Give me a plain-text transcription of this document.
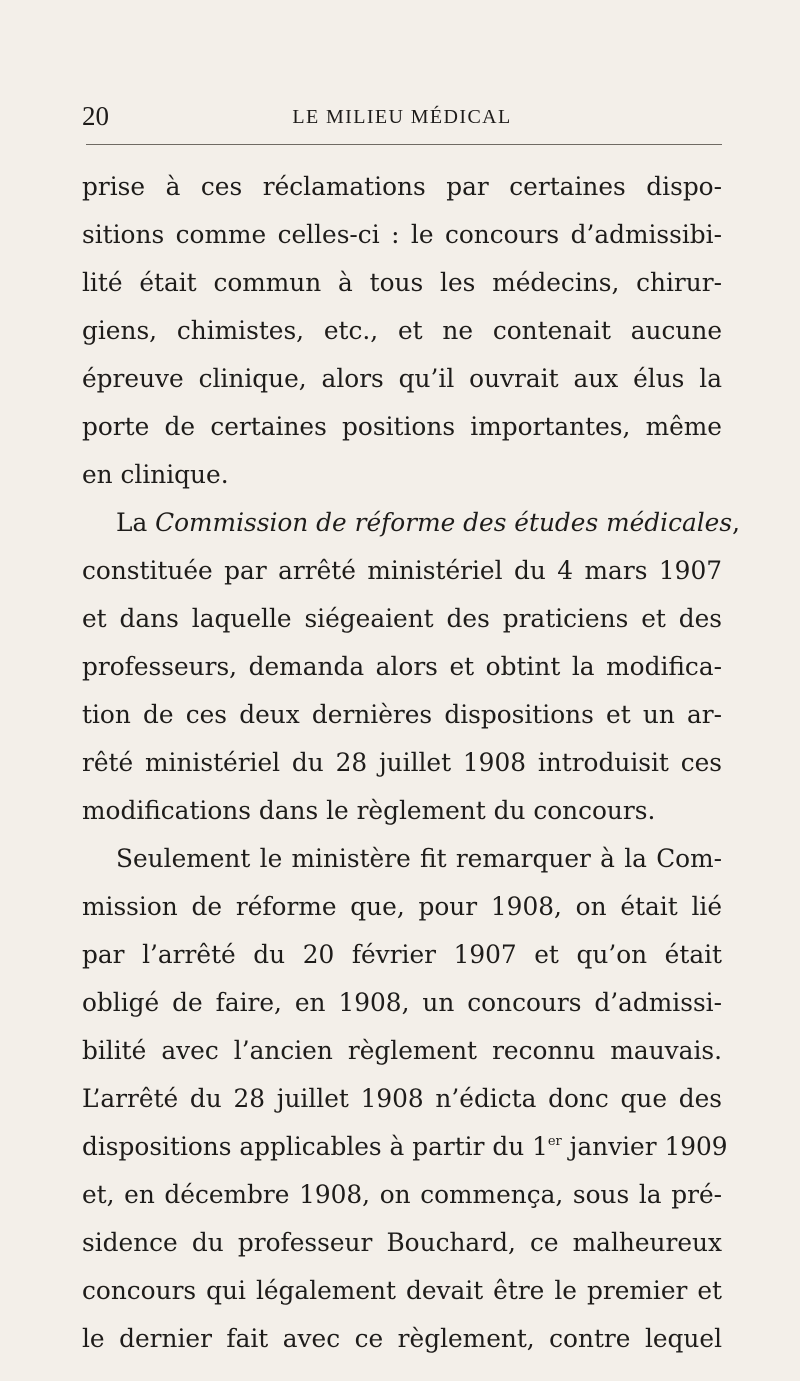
20	LE MILIEU MÉDICAL
prise à ces réclamations par certaines dispo-
sitions comme celles-ci : le concours d’admissibi-
lité était commun à tous les médecins, chirur-
giens, chimistes, etc., et ne contenait aucune
épreuve clinique, alors qu’il ouvrait aux élus la
porte de certaines positions importantes, même
en clinique.
La Commission de réforme des études médicales,
constituée par arrêté ministériel du 4 mars 1907
et dans laquelle siégeaient des praticiens et des
professeurs, demanda alors et obtint la modifica-
tion de ces deux dernières dispositions et un ar-
rêté ministériel du 28 juillet 1908 introduisit ces
modifications dans le règlement du concours.
Seulement le ministère fit remarquer à la Com-
mission de réforme que, pour 1908, on était lié
par l’arrêté du 20 février 1907 et qu’on était
obligé de faire, en 1908, un concours d’admissi-
bilité avec l’ancien règlement reconnu mauvais.
L’arrêté du 28 juillet 1908 n’édicta donc que des
dispositions applicables à partir du 1er janvier 1909
et, en décembre 1908, on commença, sous la pré-
sidence du professeur Bouchard, ce malheureux
concours qui légalement devait être le premier et
le dernier fait avec ce règlement, contre lequel
